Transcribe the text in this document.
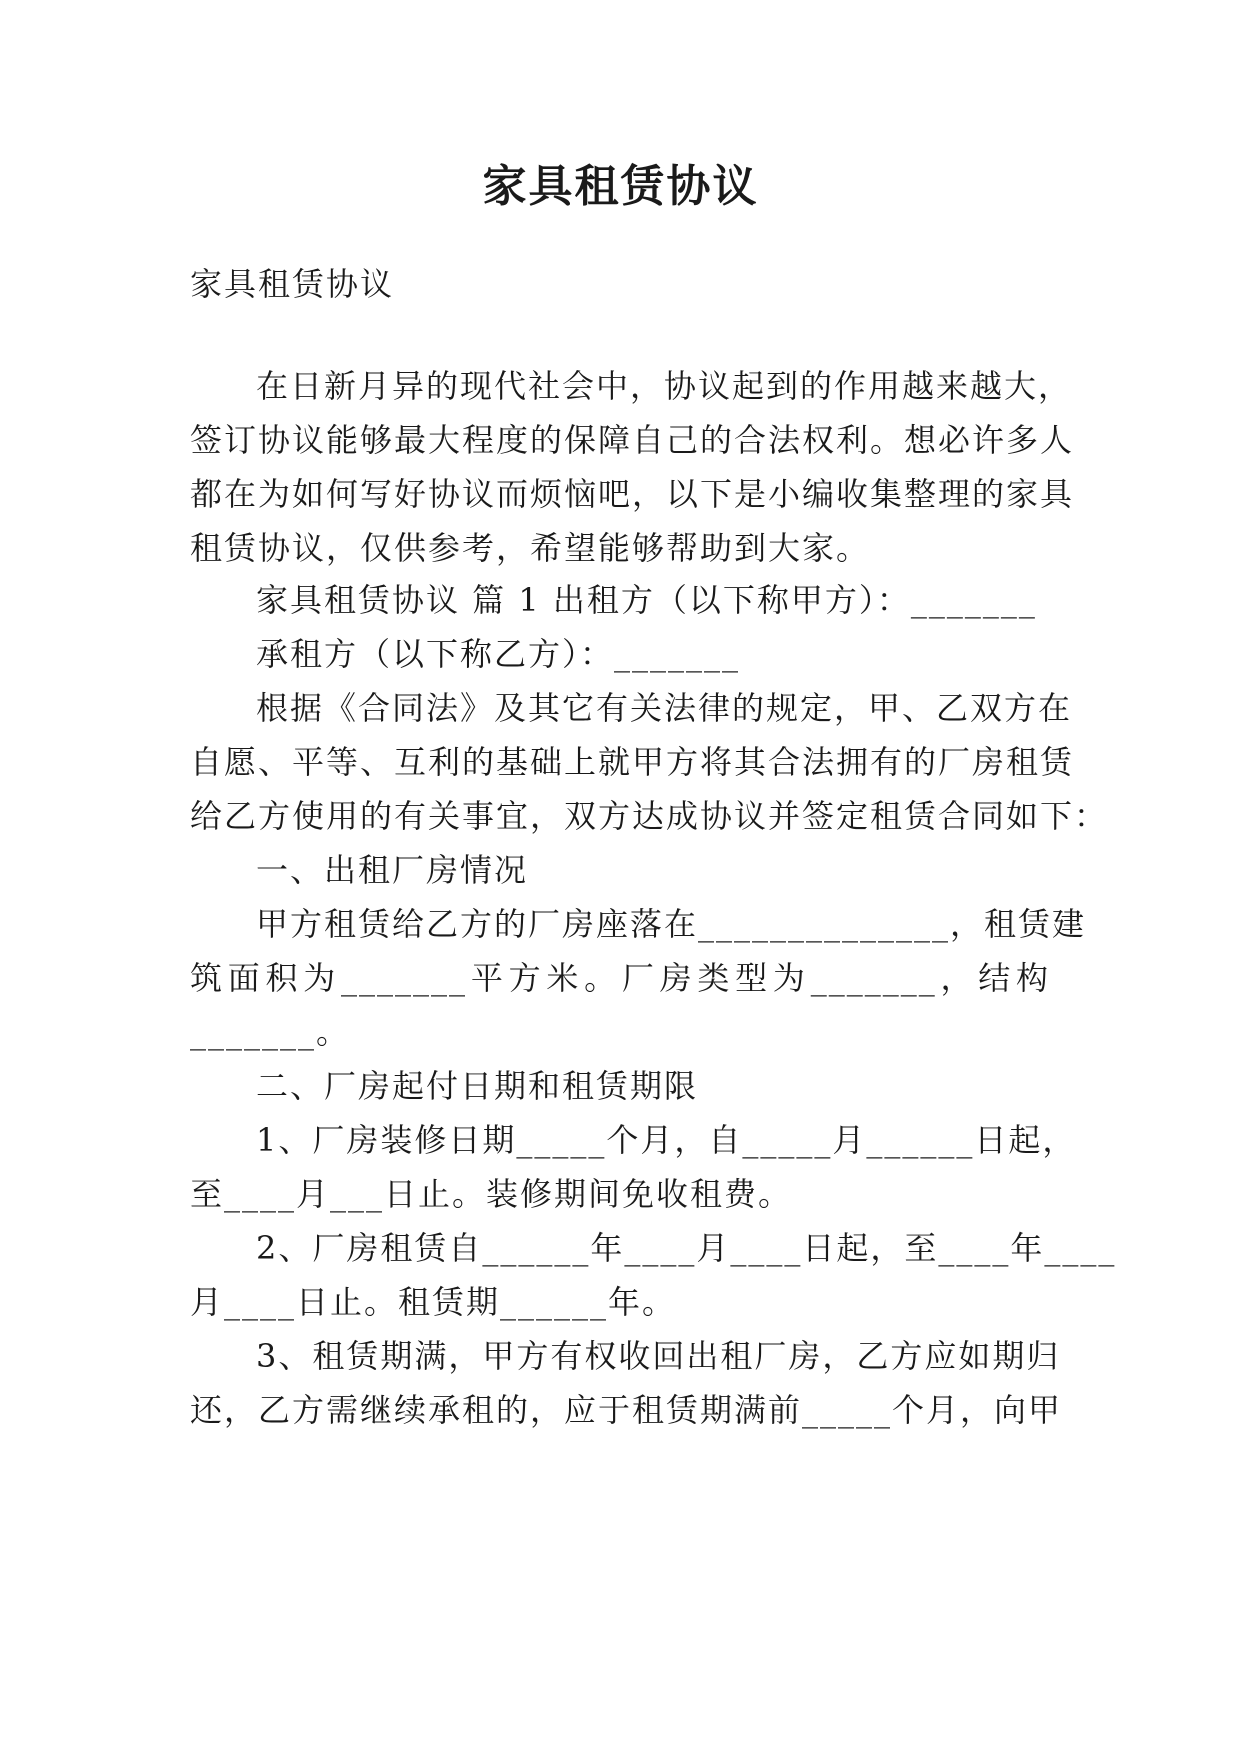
家具租赁协议
家具租赁协议
在日新月异的现代社会中，协议起到的作用越来越大，
签订协议能够最大程度的保障自己的合法权利。想必许多人
都在为如何写好协议而烦恼吧，以下是小编收集整理的家具
租赁协议，仅供参考，希望能够帮助到大家。
家具租赁协议 篇 1 出租方（以下称甲方）：_______
承租方（以下称乙方）：_______
根据《合同法》及其它有关法律的规定，甲、乙双方在
自愿、平等、互利的基础上就甲方将其合法拥有的厂房租赁
给乙方使用的有关事宜，双方达成协议并签定租赁合同如下：
一、出租厂房情况
甲方租赁给乙方的厂房座落在______________，租赁建
筑面积为_______平方米。厂房类型为_______，结构
_______。
二、厂房起付日期和租赁期限
1、厂房装修日期_____个月，自_____月______日起，
至____月___日止。装修期间免收租费。
2、厂房租赁自______年____月____日起，至____年____
月____日止。租赁期______年。
3、租赁期满，甲方有权收回出租厂房，乙方应如期归
还，乙方需继续承租的，应于租赁期满前_____个月，向甲
